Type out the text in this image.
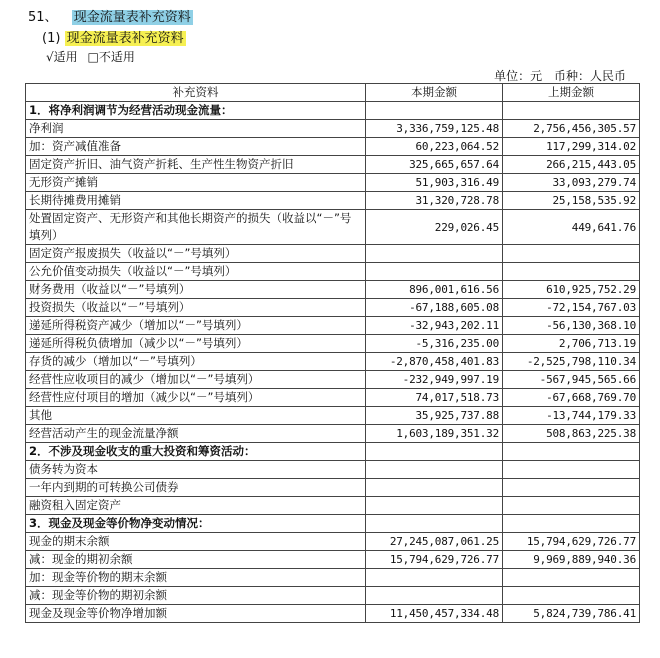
51、 现金流量表补充资料
(1) 现金流量表补充资料
√适用 □不适用
单位：元 币种：人民币
补充资料	本期金额	上期金额
1．将净利润调节为经营活动现金流量：		
净利润	3,336,759,125.48	2,756,456,305.57
加：资产减值准备	60,223,064.52	117,299,314.02
固定资产折旧、油气资产折耗、生产性生物资产折旧	325,665,657.64	266,215,443.05
无形资产摊销	51,903,316.49	33,093,279.74
长期待摊费用摊销	31,320,728.78	25,158,535.92
处置固定资产、无形资产和其他长期资产的损失（收益以“－”号填列）	229,026.45	449,641.76
固定资产报废损失（收益以“－”号填列）		
公允价值变动损失（收益以“－”号填列）		
财务费用（收益以“－”号填列）	896,001,616.56	610,925,752.29
投资损失（收益以“－”号填列）	-67,188,605.08	-72,154,767.03
递延所得税资产减少（增加以“－”号填列）	-32,943,202.11	-56,130,368.10
递延所得税负债增加（减少以“－”号填列）	-5,316,235.00	2,706,713.19
存货的减少（增加以“－”号填列）	-2,870,458,401.83	-2,525,798,110.34
经营性应收项目的减少（增加以“－”号填列）	-232,949,997.19	-567,945,565.66
经营性应付项目的增加（减少以“－”号填列）	74,017,518.73	-67,668,769.70
其他	35,925,737.88	-13,744,179.33
经营活动产生的现金流量净额	1,603,189,351.32	508,863,225.38
2．不涉及现金收支的重大投资和筹资活动：		
债务转为资本		
一年内到期的可转换公司债券		
融资租入固定资产		
3．现金及现金等价物净变动情况：		
现金的期末余额	27,245,087,061.25	15,794,629,726.77
减：现金的期初余额	15,794,629,726.77	9,969,889,940.36
加：现金等价物的期末余额		
减：现金等价物的期初余额		
现金及现金等价物净增加额	11,450,457,334.48	5,824,739,786.41
